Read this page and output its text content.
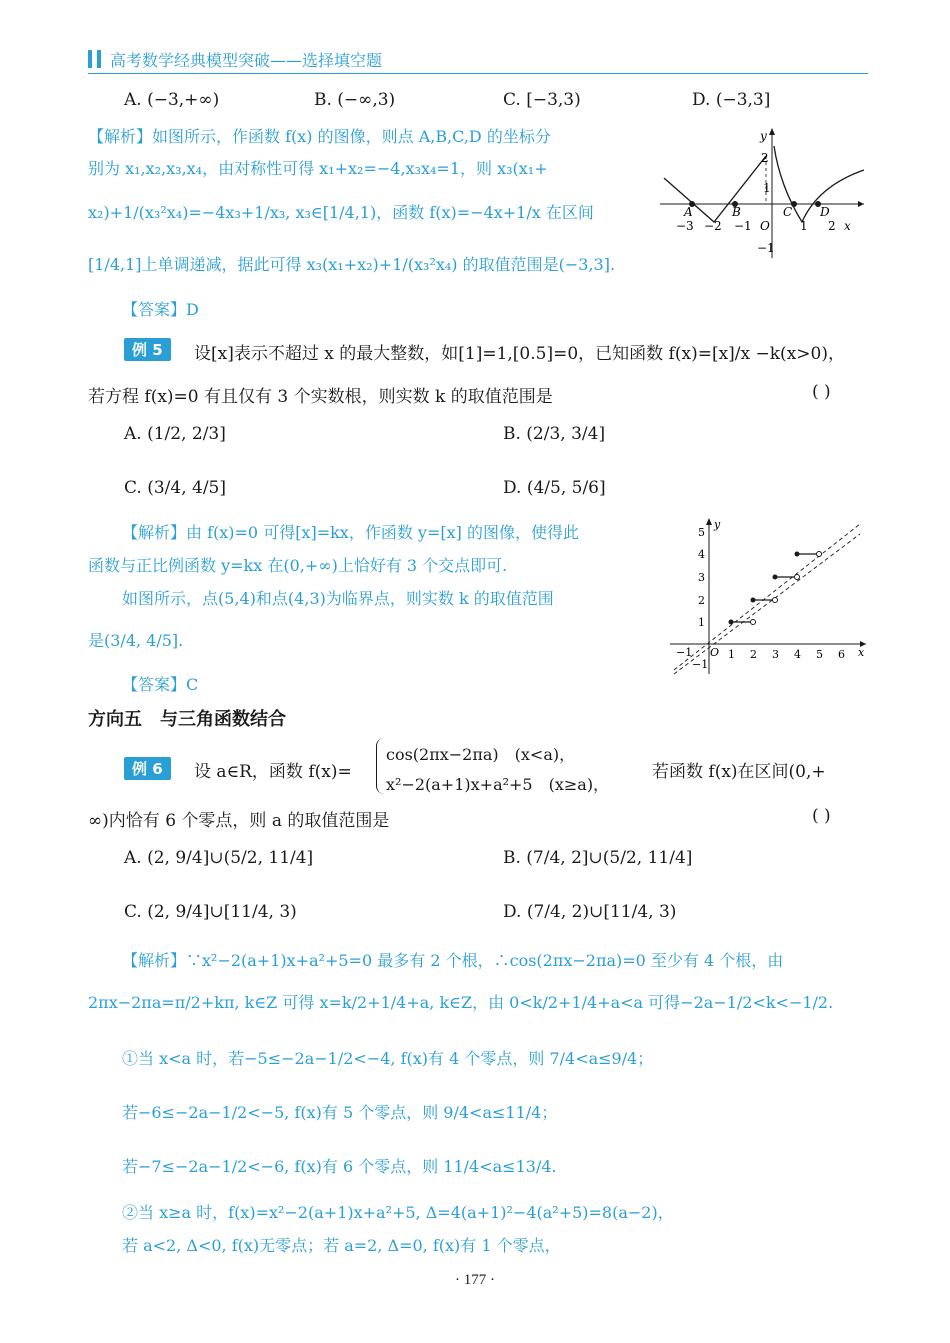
高考数学经典模型突破——选择填空题
A. (−3,+∞)	B. (−∞,3)	C. [−3,3)	D. (−3,3]
【解析】如图所示，作函数 f(x) 的图像，则点 A,B,C,D 的坐标分
别为 x₁,x₂,x₃,x₄，由对称性可得 x₁+x₂=−4,x₃x₄=1，则 x₃(x₁+
x₂)+1/(x₃²x₄)=−4x₃+1/x₃, x₃∈[1/4,1)，函数 f(x)=−4x+1/x 在区间
[1/4,1]上单调递减，据此可得 x₃(x₁+x₂)+1/(x₃²x₄) 的取值范围是(−3,3].
【答案】D
A	B	C D
y
x
O
−3 −2 −1	1 2
2
1
−1
例 5	设[x]表示不超过 x 的最大整数，如[1]=1,[0.5]=0，已知函数 f(x)=[x]/x −k(x>0)，
若方程 f(x)=0 有且仅有 3 个实数根，则实数 k 的取值范围是	( )
A. (1/2, 2/3]	B. (2/3, 3/4]
C. (3/4, 4/5]	D. (4/5, 5/6]
【解析】由 f(x)=0 可得[x]=kx，作函数 y=[x] 的图像，使得此
函数与正比例函数 y=kx 在(0,+∞)上恰好有 3 个交点即可.
如图所示，点(5,4)和点(4,3)为临界点，则实数 k 的取值范围
是(3/4, 4/5].
【答案】C
y
x
O
−1	1 2 3 4 5 6
5
4
3
2
1
−1
方向五　与三角函数结合
例 6	设 a∈R，函数 f(x)=
cos(2πx−2πa)　(x<a)，
x²−2(a+1)x+a²+5　(x≥a)，
若函数 f(x)在区间(0,+
∞)内恰有 6 个零点，则 a 的取值范围是	( )
A. (2, 9/4]∪(5/2, 11/4]	B. (7/4, 2]∪(5/2, 11/4]
C. (2, 9/4]∪[11/4, 3)	D. (7/4, 2)∪[11/4, 3)
【解析】∵x²−2(a+1)x+a²+5=0 最多有 2 个根，∴cos(2πx−2πa)=0 至少有 4 个根，由
2πx−2πa=π/2+kπ, k∈Z 可得 x=k/2+1/4+a, k∈Z，由 0<k/2+1/4+a<a 可得−2a−1/2<k<−1/2.
①当 x<a 时，若−5≤−2a−1/2<−4, f(x)有 4 个零点，则 7/4<a≤9/4；
若−6≤−2a−1/2<−5, f(x)有 5 个零点，则 9/4<a≤11/4；
若−7≤−2a−1/2<−6, f(x)有 6 个零点，则 11/4<a≤13/4.
②当 x≥a 时，f(x)=x²−2(a+1)x+a²+5, Δ=4(a+1)²−4(a²+5)=8(a−2)，
若 a<2, Δ<0, f(x)无零点；若 a=2, Δ=0, f(x)有 1 个零点，
· 177 ·
